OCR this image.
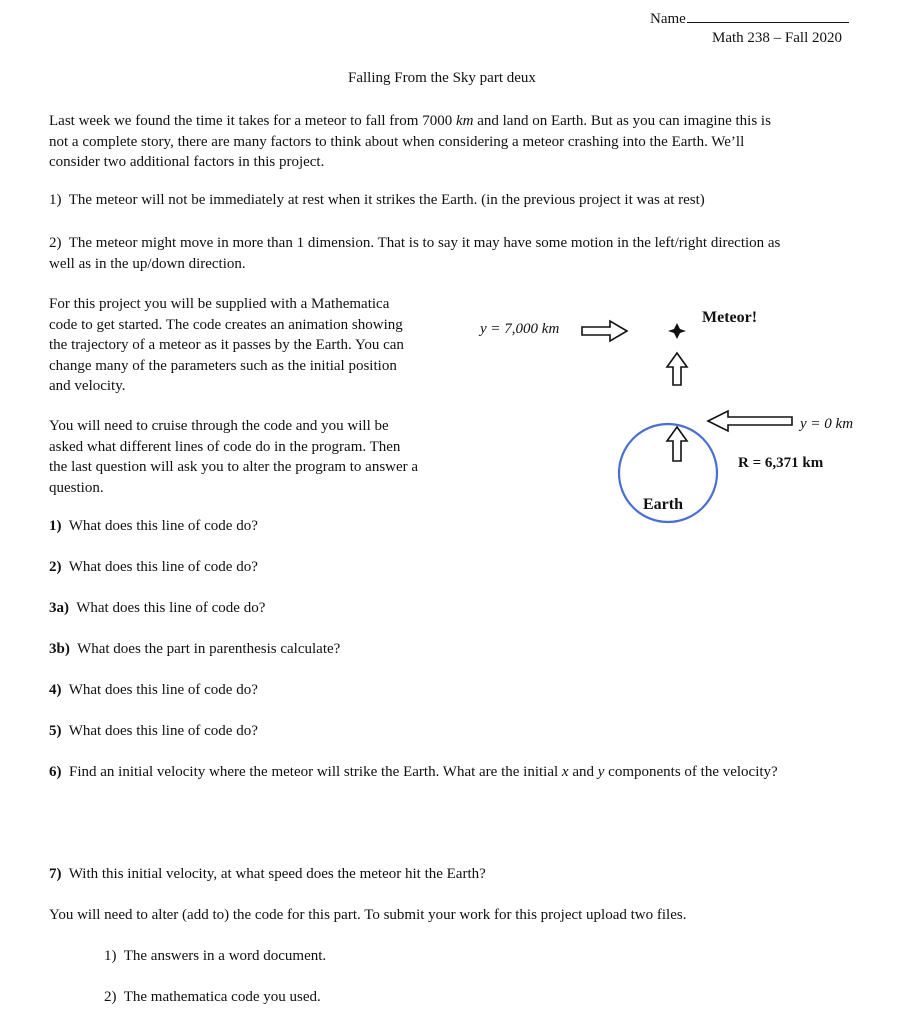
Name
Math 238 – Fall 2020
Falling From the Sky part deux
Last week we found the time it takes for a meteor to fall from 7000 km and land on Earth. But as you can imagine this is
not a complete story, there are many factors to think about when considering a meteor crashing into the Earth. We’ll
consider two additional factors in this project.
1) The meteor will not be immediately at rest when it strikes the Earth. (in the previous project it was at rest)
2) The meteor might move in more than 1 dimension. That is to say it may have some motion in the left/right direction as
well as in the up/down direction.
For this project you will be supplied with a Mathematica
code to get started. The code creates an animation showing
the trajectory of a meteor as it passes by the Earth. You can
change many of the parameters such as the initial position
and velocity.
You will need to cruise through the code and you will be
asked what different lines of code do in the program. Then
the last question will ask you to alter the program to answer a
question.
y = 7,000 km
Meteor!
y = 0 km
R = 6,371 km
Earth
1) What does this line of code do?
2) What does this line of code do?
3a) What does this line of code do?
3b) What does the part in parenthesis calculate?
4) What does this line of code do?
5) What does this line of code do?
6) Find an initial velocity where the meteor will strike the Earth. What are the initial x and y components of the velocity?
7) With this initial velocity, at what speed does the meteor hit the Earth?
You will need to alter (add to) the code for this part. To submit your work for this project upload two files.
1) The answers in a word document.
2) The mathematica code you used.
